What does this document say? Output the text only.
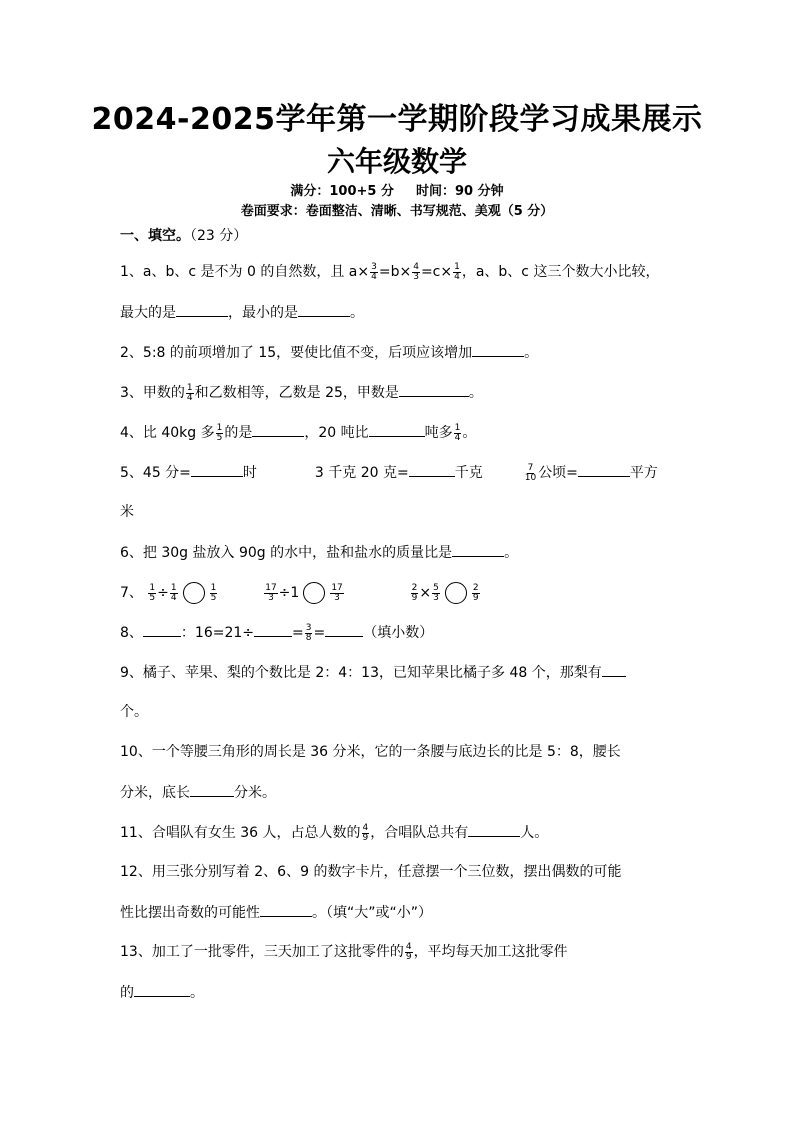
2024-2025学年第一学期阶段学习成果展示
六年级数学
满分：100+5 分 时间：90 分钟
卷面要求：卷面整洁、清晰、书写规范、美观（5 分）
一、填空。（23 分）
1、a、b、c 是不为 0 的自然数，且 $a\times \frac{3}{4} =b\times \frac{4}{3} =c\times \frac{1}{4}$ ，a、b、c 这三个数大小比较，
最大的是	，最小的是	。
2、5:8 的前项增加了 15，要使比值不变，后项应该增加	。
3、甲数的 $\frac{1}{4}$ 和乙数相等，乙数是 25，甲数是	。
4、比 40kg 多 $\frac{1}{5}$ 的是	，20 吨比	吨多 $\frac{1}{4}$ 。
5、45 分=	时	3 千克 20 克=	千克	$\frac{7}{10}$ 公顷=	平方
米
6、把 30g 盐放入 90g 的水中，盐和盐水的质量比是	。
7、 $\frac{1}{5} \div \frac{1}{4}$	$\frac{1}{5}$
	$\frac{17}{3} \div 1$	$\frac{17}{3}$
	$\frac{2}{9} \times \frac{5}{3}$	$\frac{2}{9}$
8、	：16=21÷	= $\frac{3}{8}$ =	（填小数）
9、橘子、苹果、梨的个数比是 2：4：13，已知苹果比橘子多 48 个，那梨有
个。
10、一个等腰三角形的周长是 36 分米，它的一条腰与底边长的比是 5：8，腰长
分米，底长	分米。
11、合唱队有女生 36 人，占总人数的 $\frac{4}{9}$ ，合唱队总共有	人。
12、用三张分别写着 2、6、9 的数字卡片，任意摆一个三位数，摆出偶数的可能
性比摆出奇数的可能性	。（填“大”或“小”）
13、加工了一批零件，三天加工了这批零件的 $\frac{4}{9}$ ，平均每天加工这批零件
的	。
